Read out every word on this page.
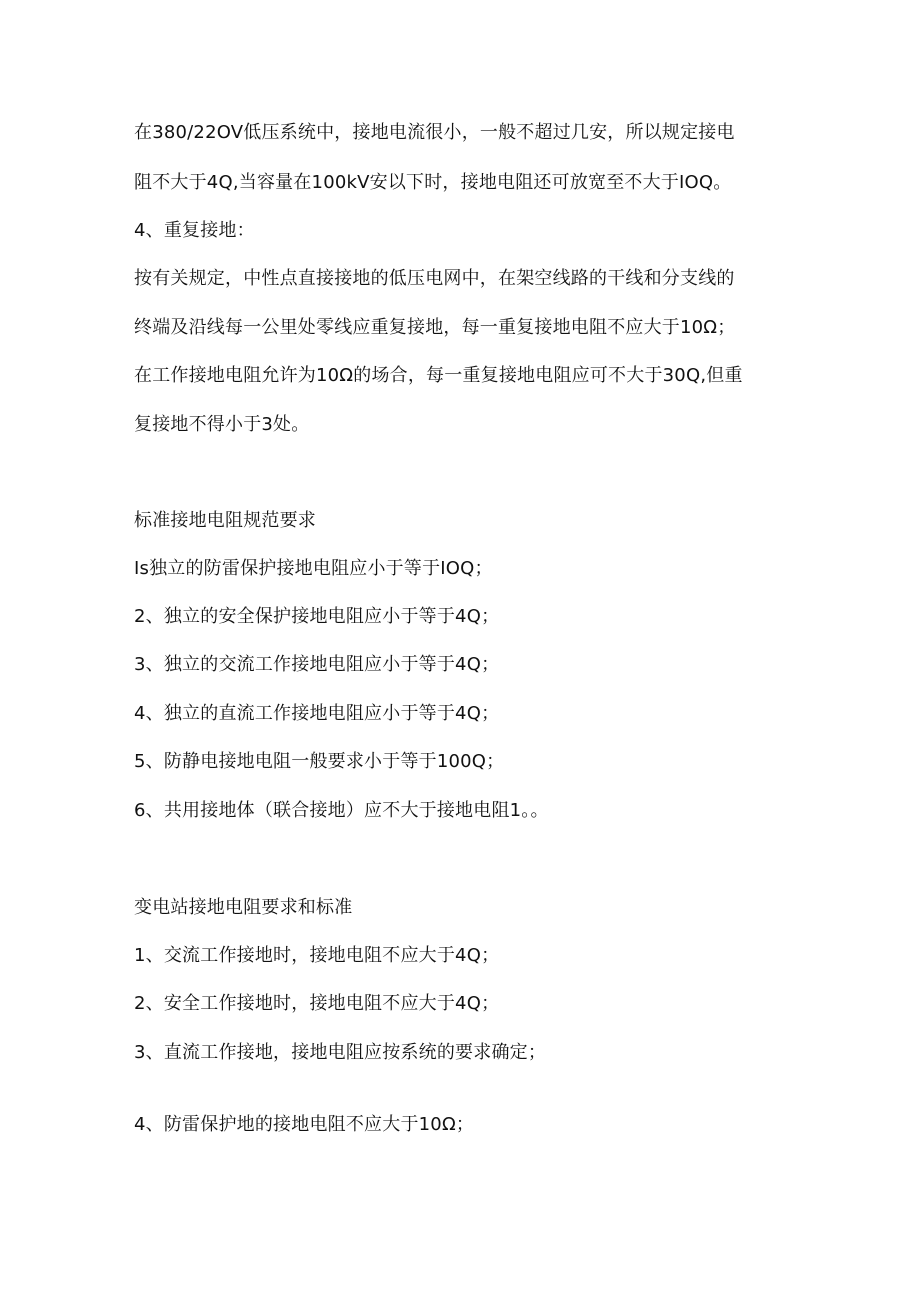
在380/22OV低压系统中，接地电流很小，一般不超过几安，所以规定接电
阻不大于4Q,当容量在100kV安以下时，接地电阻还可放宽至不大于IOQ。
4、重复接地：
按有关规定，中性点直接接地的低压电网中，在架空线路的干线和分支线的
终端及沿线每一公里处零线应重复接地，每一重复接地电阻不应大于10Ω；
在工作接地电阻允许为10Ω的场合，每一重复接地电阻应可不大于30Q,但重
复接地不得小于3处。
标准接地电阻规范要求
Is独立的防雷保护接地电阻应小于等于IOQ；
2、独立的安全保护接地电阻应小于等于4Q；
3、独立的交流工作接地电阻应小于等于4Q；
4、独立的直流工作接地电阻应小于等于4Q；
5、防静电接地电阻一般要求小于等于100Q；
6、共用接地体（联合接地）应不大于接地电阻1。。
变电站接地电阻要求和标准
1、交流工作接地时，接地电阻不应大于4Q；
2、安全工作接地时，接地电阻不应大于4Q；
3、直流工作接地，接地电阻应按系统的要求确定；
4、防雷保护地的接地电阻不应大于10Ω；
